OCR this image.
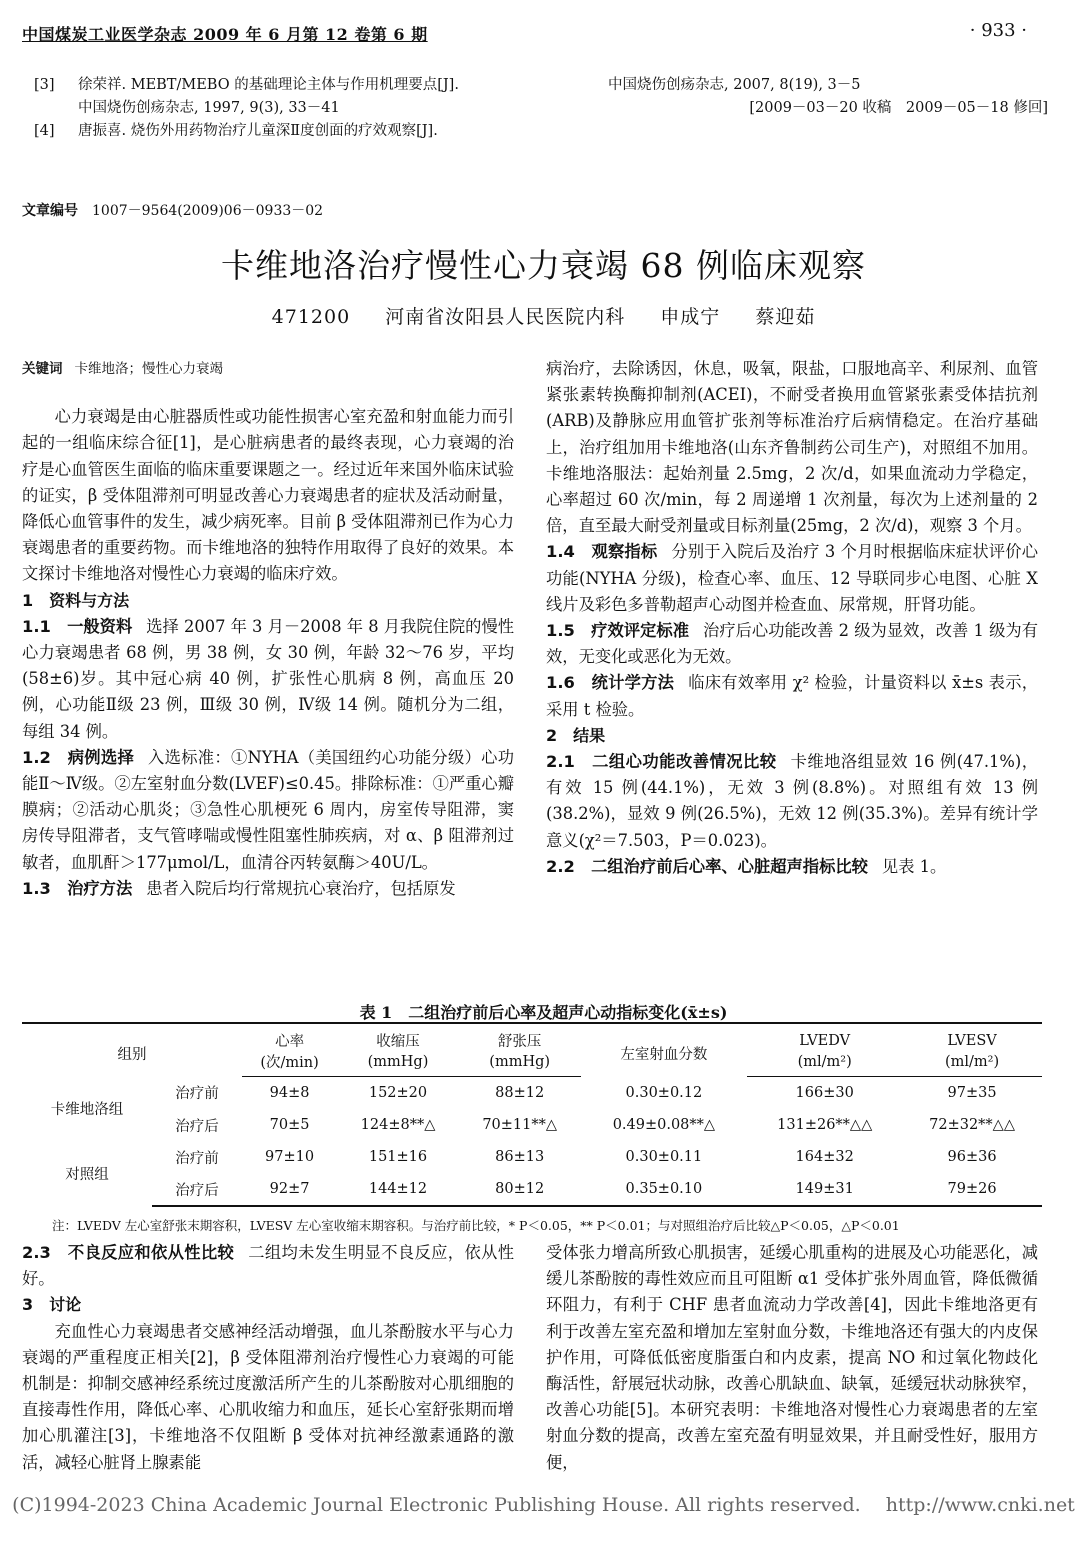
中国煤炭工业医学杂志 2009 年 6 月第 12 卷第 6 期	· 933 ·
[3] 徐荣祥. MEBT/MEBO 的基础理论主体与作用机理要点[J].
中国烧伤创疡杂志, 1997, 9(3), 33－41
[4] 唐振喜. 烧伤外用药物治疗儿童深Ⅱ度创面的疗效观察[J].
中国烧伤创疡杂志, 2007, 8(19), 3－5
[2009－03－20 收稿　2009－05－18 修回]
文章编号 1007－9564(2009)06－0933－02
卡维地洛治疗慢性心力衰竭 68 例临床观察
471200 河南省汝阳县人民医院内科 申成宁 蔡迎茹

关键词 卡维地洛；慢性心力衰竭

心力衰竭是由心脏器质性或功能性损害心室充盈和射血能力而引起的一组临床综合征[1]，是心脏病患者的最终表现，心力衰竭的治疗是心血管医生面临的临床重要课题之一。经过近年来国外临床试验的证实，β 受体阻滞剂可明显改善心力衰竭患者的症状及活动耐量，降低心血管事件的发生，减少病死率。目前 β 受体阻滞剂已作为心力衰竭患者的重要药物。而卡维地洛的独特作用取得了良好的效果。本文探讨卡维地洛对慢性心力衰竭的临床疗效。

1　资料与方法

1.1　一般资料 选择 2007 年 3 月－2008 年 8 月我院住院的慢性心力衰竭患者 68 例，男 38 例，女 30 例，年龄 32～76 岁，平均(58±6)岁。其中冠心病 40 例，扩张性心肌病 8 例，高血压 20 例，心功能Ⅱ级 23 例，Ⅲ级 30 例，Ⅳ级 14 例。随机分为二组，每组 34 例。

1.2　病例选择 入选标准：①NYHA（美国纽约心功能分级）心功能Ⅱ～Ⅳ级。②左室射血分数(LVEF)≤0.45。排除标准：①严重心瓣膜病；②活动心肌炎；③急性心肌梗死 6 周内，房室传导阻滞，窦房传导阻滞者，支气管哮喘或慢性阻塞性肺疾病，对 α、β 阻滞剂过敏者，血肌酐＞177μmol/L，血清谷丙转氨酶＞40U/L。

1.3　治疗方法 患者入院后均行常规抗心衰治疗，包括原发

病治疗，去除诱因，休息，吸氧，限盐，口服地高辛、利尿剂、血管紧张素转换酶抑制剂(ACEI)，不耐受者换用血管紧张素受体拮抗剂(ARB)及静脉应用血管扩张剂等标准治疗后病情稳定。在治疗基础上，治疗组加用卡维地洛(山东齐鲁制药公司生产)，对照组不加用。卡维地洛服法：起始剂量 2.5mg，2 次/d，如果血流动力学稳定，心率超过 60 次/min，每 2 周递增 1 次剂量，每次为上述剂量的 2 倍，直至最大耐受剂量或目标剂量(25mg，2 次/d)，观察 3 个月。

1.4　观察指标 分别于入院后及治疗 3 个月时根据临床症状评价心功能(NYHA 分级)，检查心率、血压、12 导联同步心电图、心脏 X 线片及彩色多普勒超声心动图并检查血、尿常规，肝肾功能。

1.5　疗效评定标准 治疗后心功能改善 2 级为显效，改善 1 级为有效，无变化或恶化为无效。

1.6　统计学方法 临床有效率用 χ² 检验，计量资料以 x̄±s 表示，采用 t 检验。

2　结果

2.1　二组心功能改善情况比较 卡维地洛组显效 16 例(47.1%)，有效 15 例(44.1%)，无效 3 例(8.8%)。对照组有效 13 例(38.2%)，显效 9 例(26.5%)，无效 12 例(35.3%)。差异有统计学意义(χ²＝7.503，P＝0.023)。

2.2　二组治疗前后心率、心脏超声指标比较 见表 1。

表 1　二组治疗前后心率及超声心动指标变化(x̄±s)
组别		心率	收缩压	舒张压	左室射血分数	LVEDV	LVESV
		(次/min)	(mmHg)	(mmHg)		(ml/m²)	(ml/m²)
卡维地洛组	治疗前	94±8	152±20	88±12	0.30±0.12	166±30	97±35
	治疗后	70±5	124±8**△	70±11**△	0.49±0.08**△	131±26**△△	72±32**△△
对照组	治疗前	97±10	151±16	86±13	0.30±0.11	164±32	96±36
	治疗后	92±7	144±12	80±12	0.35±0.10	149±31	79±26
注：LVEDV 左心室舒张末期容积，LVESV 左心室收缩末期容积。与治疗前比较，* P＜0.05，** P＜0.01；与对照组治疗后比较△P＜0.05，△P＜0.01

2.3　不良反应和依从性比较 二组均未发生明显不良反应，依从性好。

3　讨论

充血性心力衰竭患者交感神经活动增强，血儿茶酚胺水平与心力衰竭的严重程度正相关[2]，β 受体阻滞剂治疗慢性心力衰竭的可能机制是：抑制交感神经系统过度激活所产生的儿茶酚胺对心肌细胞的直接毒性作用，降低心率、心肌收缩力和血压，延长心室舒张期而增加心肌灌注[3]，卡维地洛不仅阻断 β 受体对抗神经激素通路的激活，减轻心脏肾上腺素能

受体张力增高所致心肌损害，延缓心肌重构的进展及心功能恶化，减缓儿茶酚胺的毒性效应而且可阻断 α1 受体扩张外周血管，降低微循环阻力，有利于 CHF 患者血流动力学改善[4]，因此卡维地洛更有利于改善左室充盈和增加左室射血分数，卡维地洛还有强大的内皮保护作用，可降低低密度脂蛋白和内皮素，提高 NO 和过氧化物歧化酶活性，舒展冠状动脉，改善心肌缺血、缺氧，延缓冠状动脉狭窄，改善心功能[5]。本研究表明：卡维地洛对慢性心力衰竭患者的左室射血分数的提高，改善左室充盈有明显效果，并且耐受性好，服用方便，

(C)1994-2023 China Academic Journal Electronic Publishing House. All rights reserved.　 http://www.cnki.net
